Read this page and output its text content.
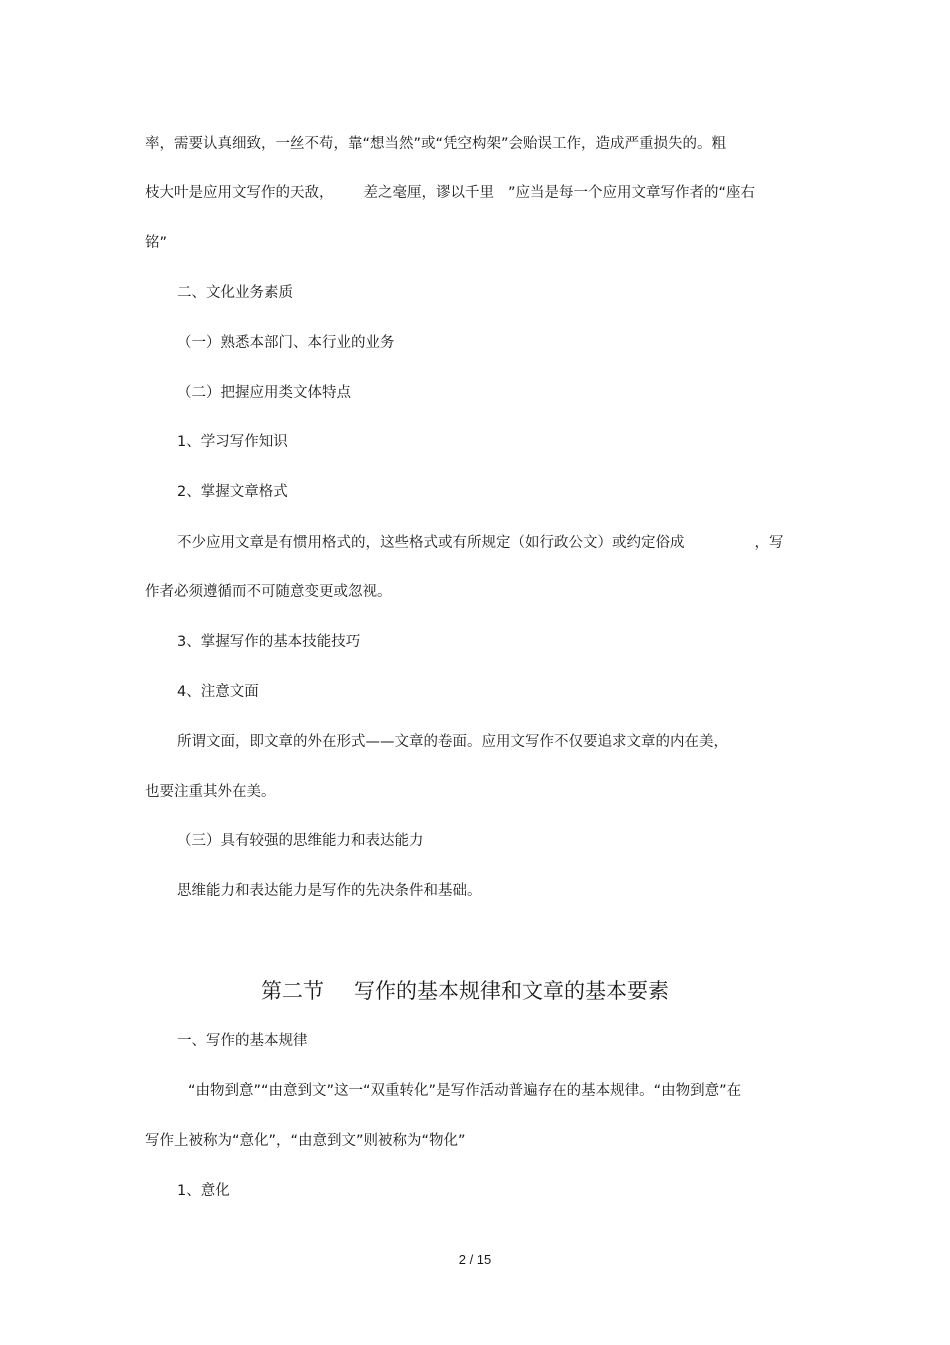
率，需要认真细致，一丝不苟，靠“想当然”或“凭空构架”会贻误工作，造成严重损失的。粗
枝大叶是应用文写作的天敌， 差之毫厘，谬以千里 ”应当是每一个应用文章写作者的“座右
铭”
二、文化业务素质
（一）熟悉本部门、本行业的业务
（二）把握应用类文体特点
1、学习写作知识
2、掌握文章格式
不少应用文章是有惯用格式的，这些格式或有所规定（如行政公文）或约定俗成	，写
作者必须遵循而不可随意变更或忽视。
3、掌握写作的基本技能技巧
4、注意文面
所谓文面，即文章的外在形式——文章的卷面。应用文写作不仅要追求文章的内在美，
也要注重其外在美。
（三）具有较强的思维能力和表达能力
思维能力和表达能力是写作的先决条件和基础。
第二节 写作的基本规律和文章的基本要素
一、写作的基本规律
“由物到意”“由意到文”这一“双重转化”是写作活动普遍存在的基本规律。“由物到意”在
写作上被称为“意化”，“由意到文”则被称为“物化”
1、意化
2 / 15
